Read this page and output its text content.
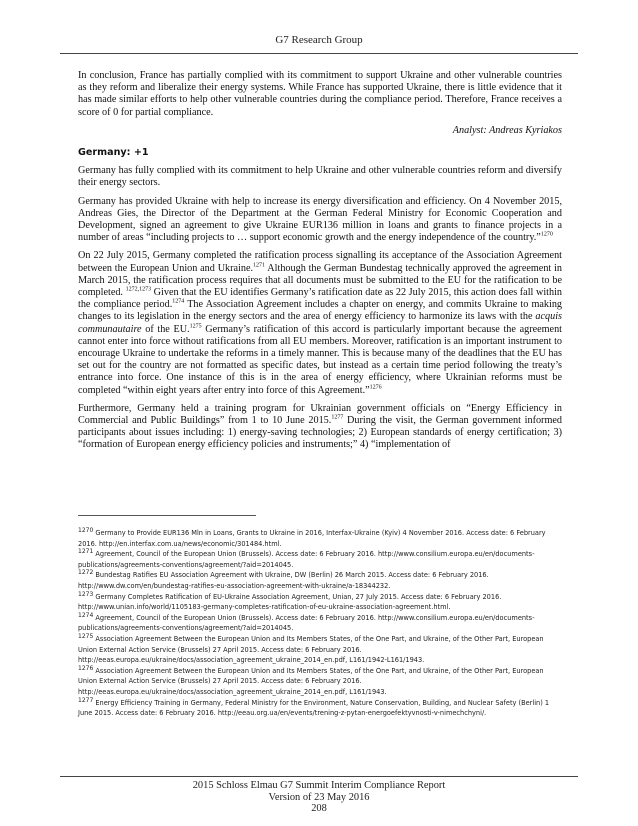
G7 Research Group

In conclusion, France has partially complied with its commitment to support Ukraine and other vulnerable countries as they reform and liberalize their energy systems. While France has supported Ukraine, there is little evidence that it has made similar efforts to help other vulnerable countries during the compliance period. Therefore, France receives a score of 0 for partial compliance.

Analyst: Andreas Kyriakos
Germany: +1

Germany has fully complied with its commitment to help Ukraine and other vulnerable countries reform and diversify their energy sectors.

Germany has provided Ukraine with help to increase its energy diversification and efficiency. On 4 November 2015, Andreas Gies, the Director of the Department at the German Federal Ministry for Economic Cooperation and Development, signed an agreement to give Ukraine EUR136 million in loans and grants to finance projects in a number of areas “including projects to … support economic growth and the energy independence of the country.”$^{1270}$

On 22 July 2015, Germany completed the ratification process signalling its acceptance of the Association Agreement between the European Union and Ukraine.$^{1271}$ Although the German Bundestag technically approved the agreement in March 2015, the ratification process requires that all documents must be submitted to the EU for the ratification to be completed. $^{1272,1273}$ Given that the EU identifies Germany’s ratification date as 22 July 2015, this action does fall within the compliance period.$^{1274}$ The Association Agreement includes a chapter on energy, and commits Ukraine to making changes to its legislation in the energy sectors and the area of energy efficiency to harmonize its laws with the acquis communautaire of the EU.$^{1275}$ Germany’s ratification of this accord is particularly important because the agreement cannot enter into force without ratifications from all EU members. Moreover, ratification is an important instrument to encourage Ukraine to undertake the reforms in a timely manner. This is because many of the deadlines that the EU has set out for the country are not formatted as specific dates, but instead as a certain time period following the treaty’s entrance into force. One instance of this is in the area of energy efficiency, where Ukrainian reforms must be completed “within eight years after entry into force of this Agreement.”$^{1276}$

Furthermore, Germany held a training program for Ukrainian government officials on “Energy Efficiency in Commercial and Public Buildings” from 1 to 10 June 2015.$^{1277}$ During the visit, the German government informed participants about issues including: 1) energy-saving technologies; 2) European standards of energy certification; 3) “formation of European energy efficiency policies and instruments;” 4) “implementation of

$^{1270}$ Germany to Provide EUR136 Mln in Loans, Grants to Ukraine in 2016, Interfax-Ukraine (Kyiv) 4 November 2016. Access date: 6 February 2016. http://en.interfax.com.ua/news/economic/301484.html.
$^{1271}$ Agreement, Council of the European Union (Brussels). Access date: 6 February 2016. http://www.consilium.europa.eu/en/documents-publications/agreements-conventions/agreement/?aid=2014045.
$^{1272}$ Bundestag Ratifies EU Association Agreement with Ukraine, DW (Berlin) 26 March 2015. Access date: 6 February 2016. http://www.dw.com/en/bundestag-ratifies-eu-association-agreement-with-ukraine/a-18344232.
$^{1273}$ Germany Completes Ratification of EU-Ukraine Association Agreement, Unian, 27 July 2015. Access date: 6 February 2016. http://www.unian.info/world/1105183-germany-completes-ratification-of-eu-ukraine-association-agreement.html.
$^{1274}$ Agreement, Council of the European Union (Brussels). Access date: 6 February 2016. http://www.consilium.europa.eu/en/documents-publications/agreements-conventions/agreement/?aid=2014045.
$^{1275}$ Association Agreement Between the European Union and Its Members States, of the One Part, and Ukraine, of the Other Part, European Union External Action Service (Brussels) 27 April 2015. Access date: 6 February 2016. http://eeas.europa.eu/ukraine/docs/association_agreement_ukraine_2014_en.pdf, L161/1942-L161/1943.
$^{1276}$ Association Agreement Between the European Union and Its Members States, of the One Part, and Ukraine, of the Other Part, European Union External Action Service (Brussels) 27 April 2015. Access date: 6 February 2016. http://eeas.europa.eu/ukraine/docs/association_agreement_ukraine_2014_en.pdf, L161/1943.
$^{1277}$ Energy Efficiency Training in Germany, Federal Ministry for the Environment, Nature Conservation, Building, and Nuclear Safety (Berlin) 1 June 2015. Access date: 6 February 2016. http://eeau.org.ua/en/events/trening-z-pytan-energoefektyvnosti-v-nimechchyni/.
2015 Schloss Elmau G7 Summit Interim Compliance Report
Version of 23 May 2016
208
